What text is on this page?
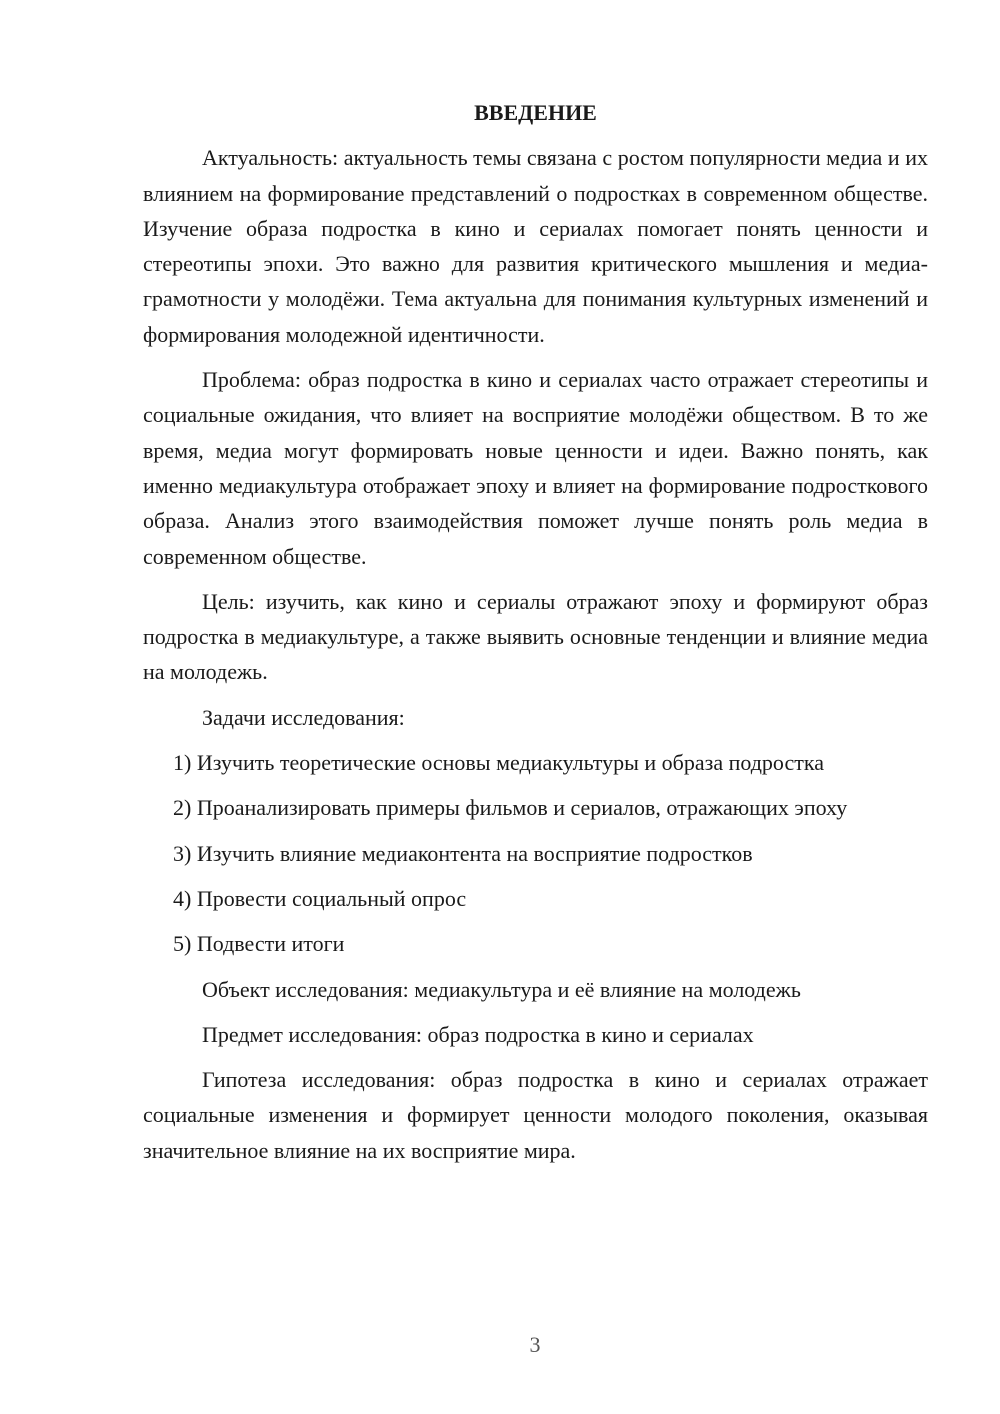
ВВЕДЕНИЕ

Актуальность: актуальность темы связана с ростом популярности медиа и их влиянием на формирование представлений о подростках в современном обществе. Изучение образа подростка в кино и сериалах помогает понять ценности и стереотипы эпохи. Это важно для развития критического мышления и медиа-грамотности у молодёжи. Тема актуальна для понимания культурных изменений и формирования молодежной идентичности.

Проблема: образ подростка в кино и сериалах часто отражает стереотипы и социальные ожидания, что влияет на восприятие молодёжи обществом. В то же время, медиа могут формировать новые ценности и идеи. Важно понять, как именно медиакультура отображает эпоху и влияет на формирование подросткового образа. Анализ этого взаимодействия поможет лучше понять роль медиа в современном обществе.

Цель: изучить, как кино и сериалы отражают эпоху и формируют образ подростка в медиакультуре, а также выявить основные тенденции и влияние медиа на молодежь.

Задачи исследования:

1) Изучить теоретические основы медиакультуры и образа подростка

2) Проанализировать примеры фильмов и сериалов, отражающих эпоху

3) Изучить влияние медиаконтента на восприятие подростков

4) Провести социальный опрос

5) Подвести итоги

Объект исследования: медиакультура и её влияние на молодежь

Предмет исследования: образ подростка в кино и сериалах

Гипотеза исследования: образ подростка в кино и сериалах отражает социальные изменения и формирует ценности молодого поколения, оказывая значительное влияние на их восприятие мира.

3
